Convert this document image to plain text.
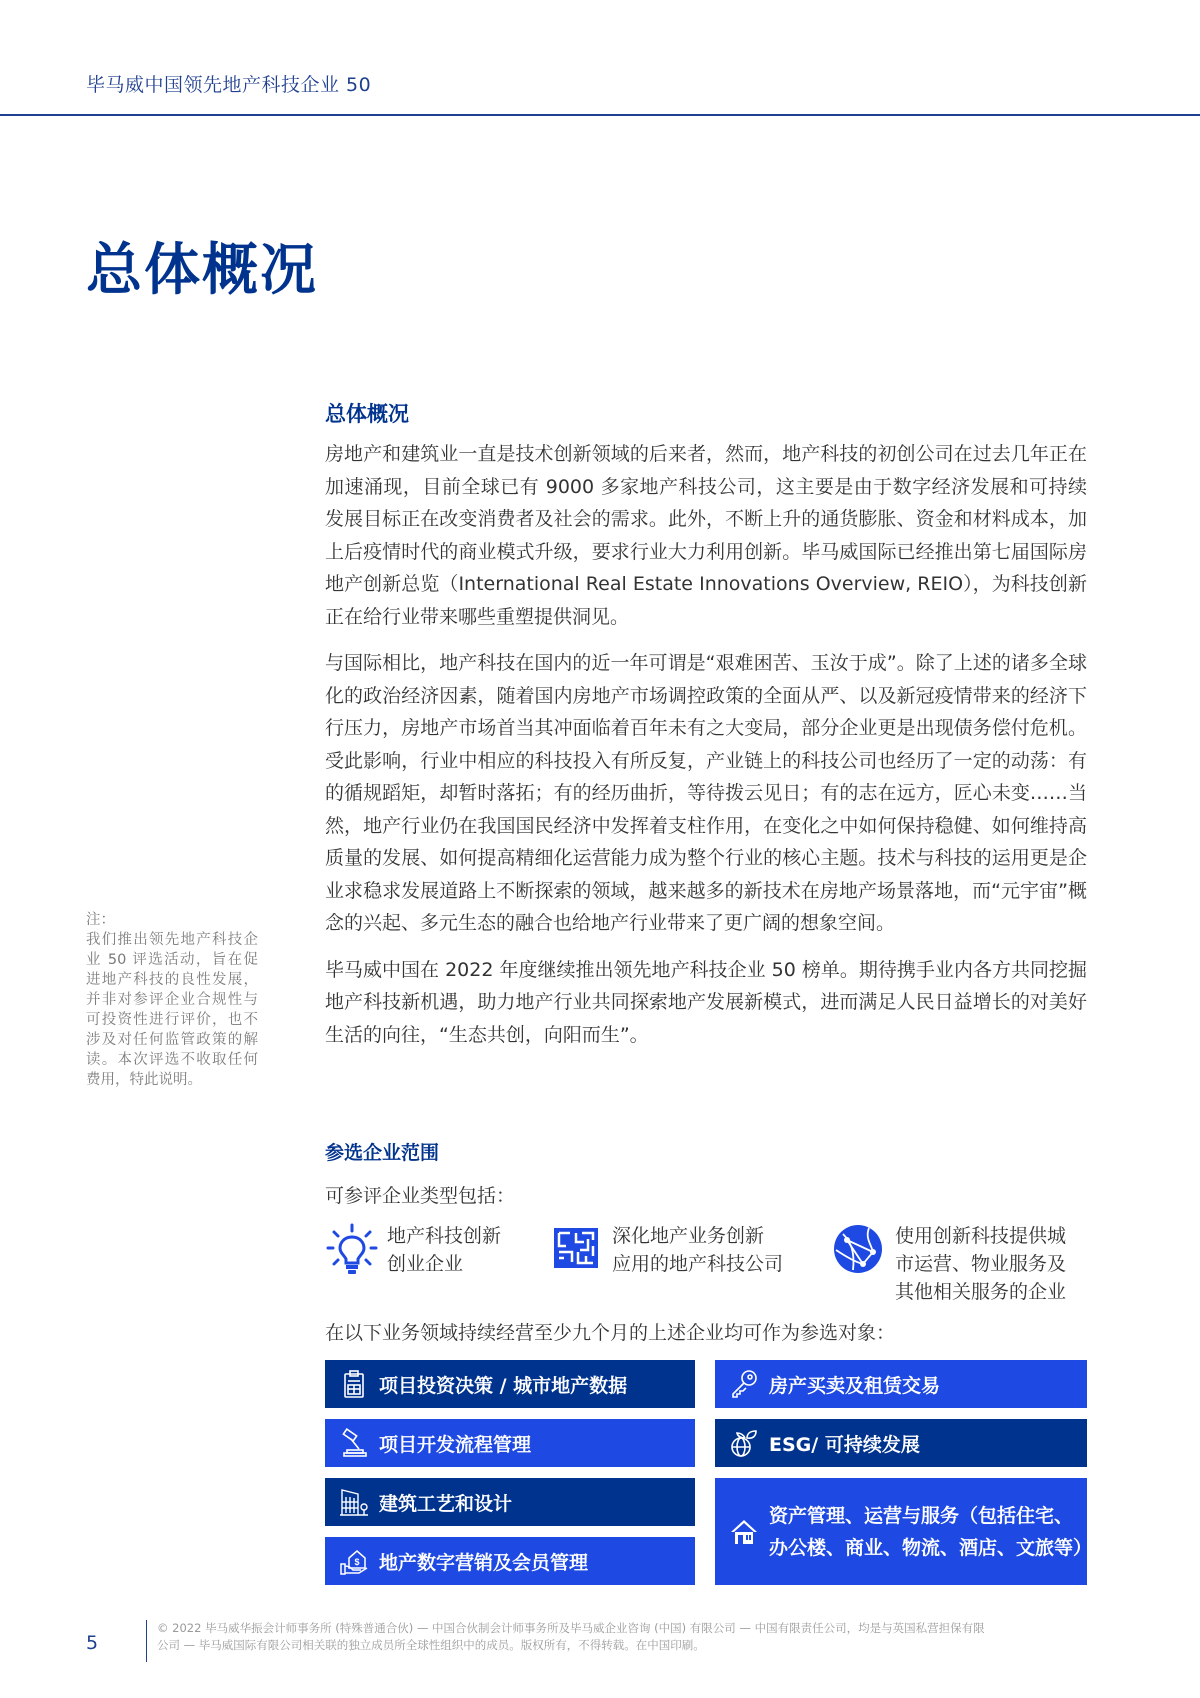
毕马威中国领先地产科技企业 50
总体概况
总体概况

房地产和建筑业一直是技术创新领域的后来者，然而，地产科技的初创公司在过去几年正在加速涌现，目前全球已有 9000 多家地产科技公司，这主要是由于数字经济发展和可持续发展目标正在改变消费者及社会的需求。此外，不断上升的通货膨胀、资金和材料成本，加上后疫情时代的商业模式升级，要求行业大力利用创新。毕马威国际已经推出第七届国际房地产创新总览（International Real Estate Innovations Overview, REIO），为科技创新正在给行业带来哪些重塑提供洞见。

与国际相比，地产科技在国内的近一年可谓是“艰难困苦、玉汝于成”。除了上述的诸多全球化的政治经济因素，随着国内房地产市场调控政策的全面从严、以及新冠疫情带来的经济下行压力，房地产市场首当其冲面临着百年未有之大变局，部分企业更是出现债务偿付危机。受此影响，行业中相应的科技投入有所反复，产业链上的科技公司也经历了一定的动荡：有的循规蹈矩，却暂时落拓；有的经历曲折，等待拨云见日；有的志在远方，匠心未变……当然，地产行业仍在我国国民经济中发挥着支柱作用，在变化之中如何保持稳健、如何维持高质量的发展、如何提高精细化运营能力成为整个行业的核心主题。技术与科技的运用更是企业求稳求发展道路上不断探索的领域，越来越多的新技术在房地产场景落地，而“元宇宙”概念的兴起、多元生态的融合也给地产行业带来了更广阔的想象空间。

毕马威中国在 2022 年度继续推出领先地产科技企业 50 榜单。期待携手业内各方共同挖掘地产科技新机遇，助力地产行业共同探索地产发展新模式，进而满足人民日益增长的对美好生活的向往，“生态共创，向阳而生”。

注：
我们推出领先地产科技企业 50 评选活动，旨在促进地产科技的良性发展，并非对参评企业合规性与可投资性进行评价，也不涉及对任何监管政策的解读。本次评选不收取任何费用，特此说明。
参选企业范围
可参评企业类型包括：
地产科技创新
创业企业
深化地产业务创新
应用的地产科技公司
使用创新科技提供城
市运营、物业服务及
其他相关服务的企业
在以下业务领域持续经营至少九个月的上述企业均可作为参选对象：
项目投资决策 / 城市地产数据	房产买卖及租赁交易
项目开发流程管理	ESG/ 可持续发展
建筑工艺和设计
$ 地产数字营销及会员管理
资产管理、运营与服务（包括住宅、
办公楼、商业、物流、酒店、文旅等）
5
© 2022 毕马威华振会计师事务所 (特殊普通合伙) — 中国合伙制会计师事务所及毕马威企业咨询 (中国) 有限公司 — 中国有限责任公司，均是与英国私营担保有限
公司 — 毕马威国际有限公司相关联的独立成员所全球性组织中的成员。版权所有，不得转载。在中国印刷。
